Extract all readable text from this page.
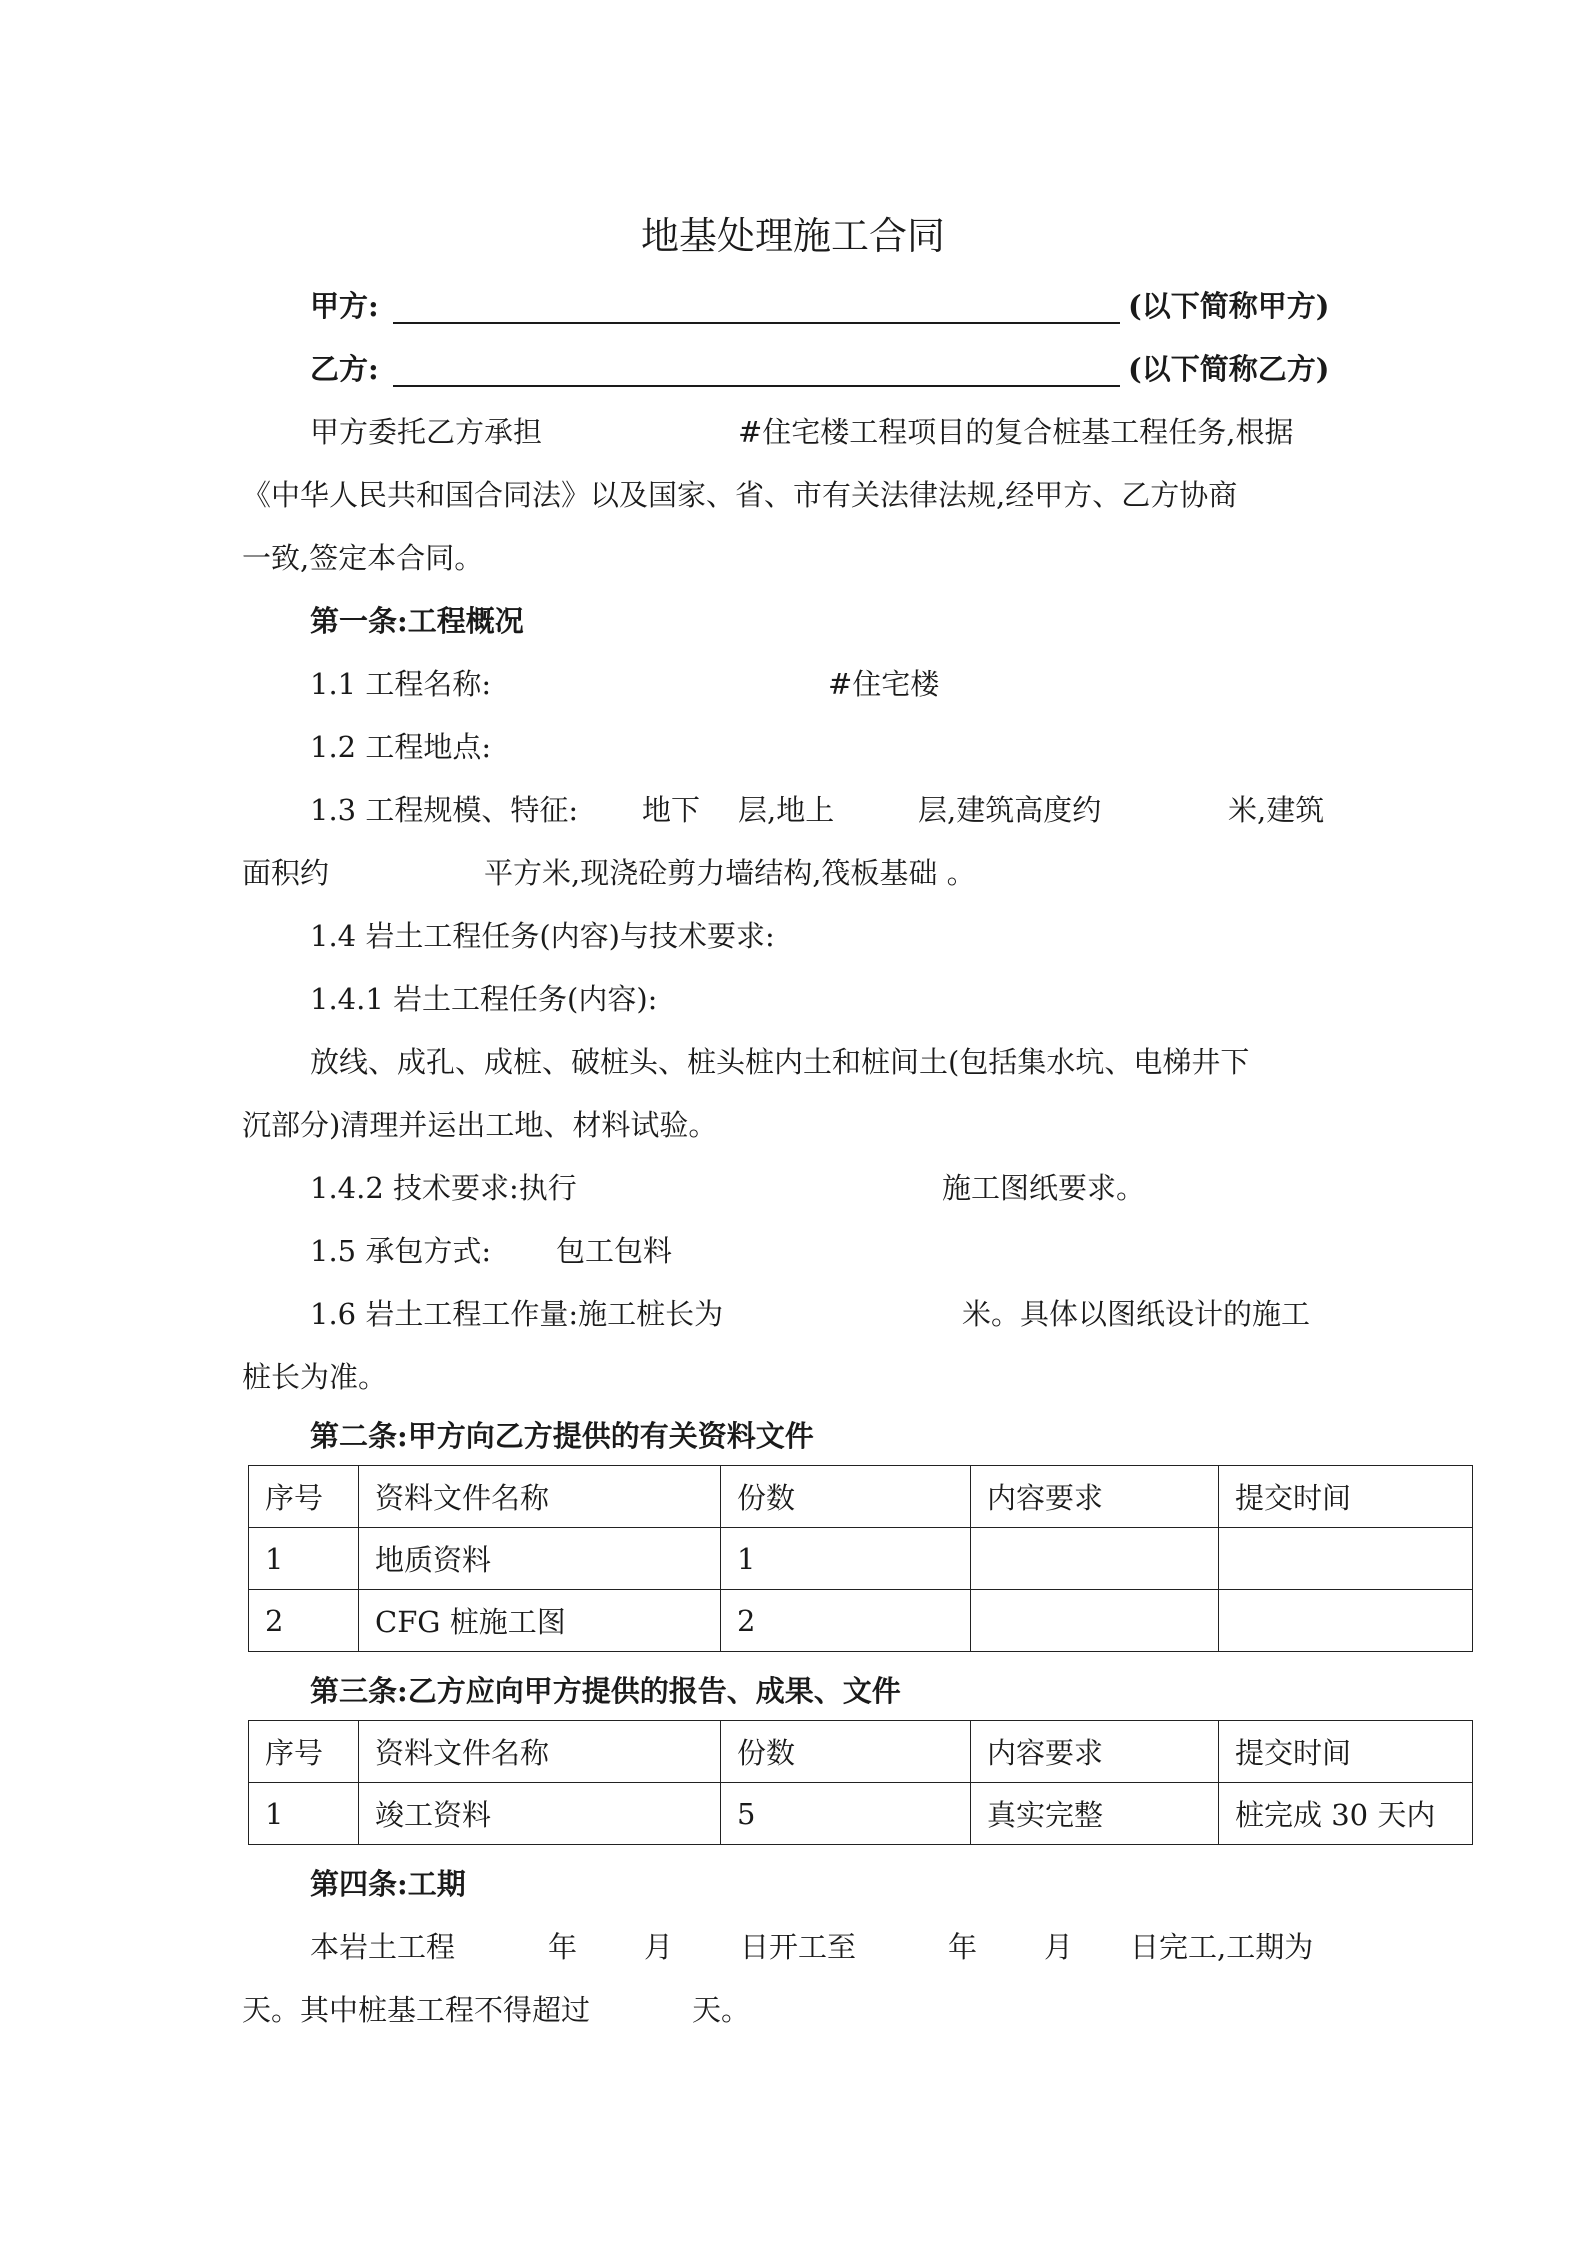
地基处理施工合同
甲方:	(以下简称甲方)
乙方:	(以下简称乙方)
甲方委托乙方承担	#住宅楼工程项目的复合桩基工程任务,根据
《中华人民共和国合同法》以及国家、省、市有关法律法规,经甲方、乙方协商
一致,签定本合同。
第一条:工程概况
1.1 工程名称:	#住宅楼
1.2 工程地点:
1.3 工程规模、特征: 地下 层,地上	层,建筑高度约	米,建筑
面积约	平方米,现浇砼剪力墙结构,筏板基础 。
1.4 岩土工程任务(内容)与技术要求:
1.4.1 岩土工程任务(内容):
放线、成孔、成桩、破桩头、桩头桩内土和桩间土(包括集水坑、电梯井下
沉部分)清理并运出工地、材料试验。
1.4.2 技术要求:执行	施工图纸要求。
1.5 承包方式: 包工包料
1.6 岩土工程工作量:施工桩长为	米。具体以图纸设计的施工
桩长为准。
第二条:甲方向乙方提供的有关资料文件
序号	资料文件名称	份数	内容要求	提交时间
1	地质资料	1		
2	CFG 桩施工图	2		
第三条:乙方应向甲方提供的报告、成果、文件
序号	资料文件名称	份数	内容要求	提交时间
1	竣工资料	5	真实完整	桩完成 30 天内
第四条:工期
本岩土工程	年 月 日开工至	年 月 日完工,工期为
天。其中桩基工程不得超过	天。
